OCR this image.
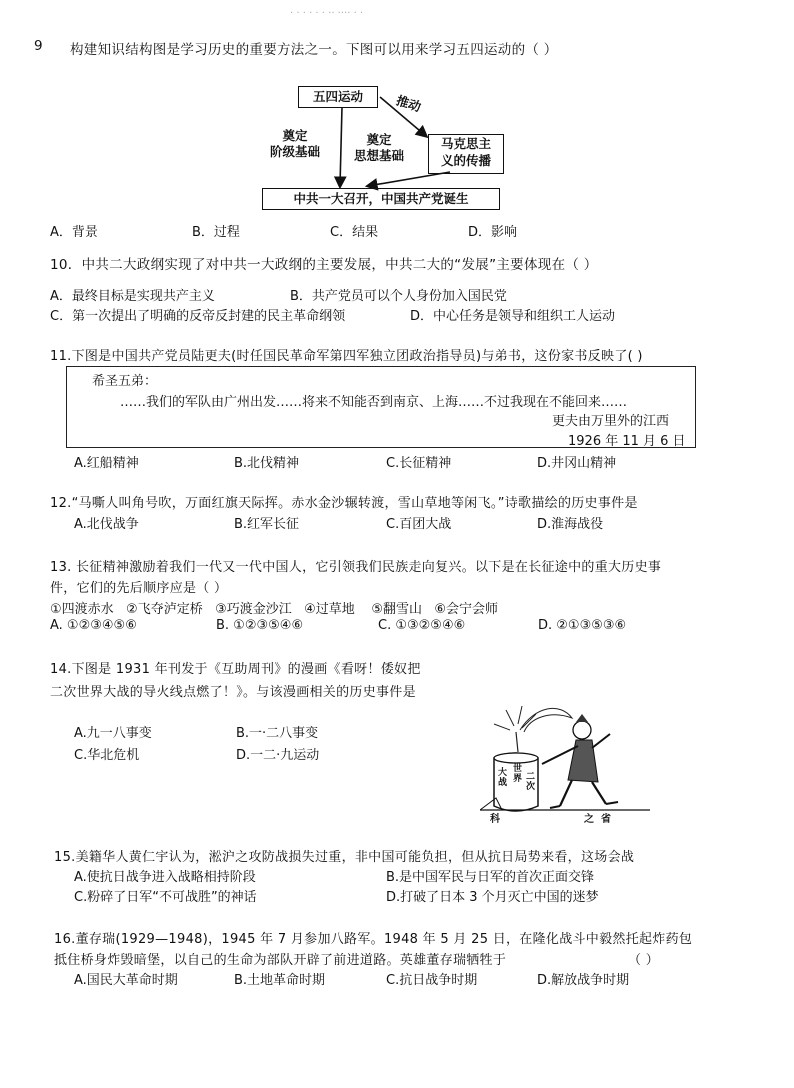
· · · · · · ·· ···· · ·
9 构建知识结构图是学习历史的重要方法之一。下图可以用来学习五四运动的（ ）
五四运动
马克思主
义的传播
中共一大召开，中国共产党诞生
推动
奠定
阶级基础
奠定
思想基础
A．背景	B．过程	C．结果	D．影响
10．中共二大政纲实现了对中共一大政纲的主要发展，中共二大的“发展”主要体现在（ ）
A．最终目标是实现共产主义	B．共产党员可以个人身份加入国民党
C．第一次提出了明确的反帝反封建的民主革命纲领	D．中心任务是领导和组织工人运动
11.下图是中国共产党员陆更夫(时任国民革命军第四军独立团政治指导员)与弟书，这份家书反映了( )
希圣五弟：
……我们的军队由广州出发……将来不知能否到南京、上海……不过我现在不能回来……
更夫由万里外的江西
1926 年 11 月 6 日
A.红船精神	B.北伐精神	C.长征精神	D.井冈山精神
12.“马嘶人叫角号吹，万面红旗天际挥。赤水金沙辗转渡，雪山草地等闲飞。”诗歌描绘的历史事件是
A.北伐战争	B.红军长征	C.百团大战	D.淮海战役
13. 长征精神激励着我们一代又一代中国人，它引领我们民族走向复兴。以下是在长征途中的重大历史事
件，它们的先后顺序应是（ ）
①四渡赤水   ②飞夺泸定桥   ③巧渡金沙江   ④过草地    ⑤翻雪山   ⑥会宁会师
A. ①②③④⑤⑥	B. ①②③⑤④⑥	C. ①③②⑤④⑥	D. ②①③⑤③⑥
14.下图是 1931 年刊发于《互助周刊》的漫画《看呀！倭奴把
二次世界大战的导火线点燃了！》。与该漫画相关的历史事件是
A.九一八事变	B.一·二八事变
C.华北危机	D.一二·九运动
大
战
世
界 二
次
科	之  省
15.美籍华人黄仁宇认为，淞沪之攻防战损失过重，非中国可能负担，但从抗日局势来看，这场会战
A.使抗日战争进入战略相持阶段	B.是中国军民与日军的首次正面交锋
C.粉碎了日军“不可战胜”的神话	D.打破了日本 3 个月灭亡中国的迷梦
16.董存瑞(1929—1948)，1945 年 7 月参加八路军。1948 年 5 月 25 日，在隆化战斗中毅然托起炸药包
抵住桥身炸毁暗堡，以自己的生命为部队开辟了前进道路。英雄董存瑞牺牲于	（ ）
A.国民大革命时期	B.土地革命时期	C.抗日战争时期	D.解放战争时期
